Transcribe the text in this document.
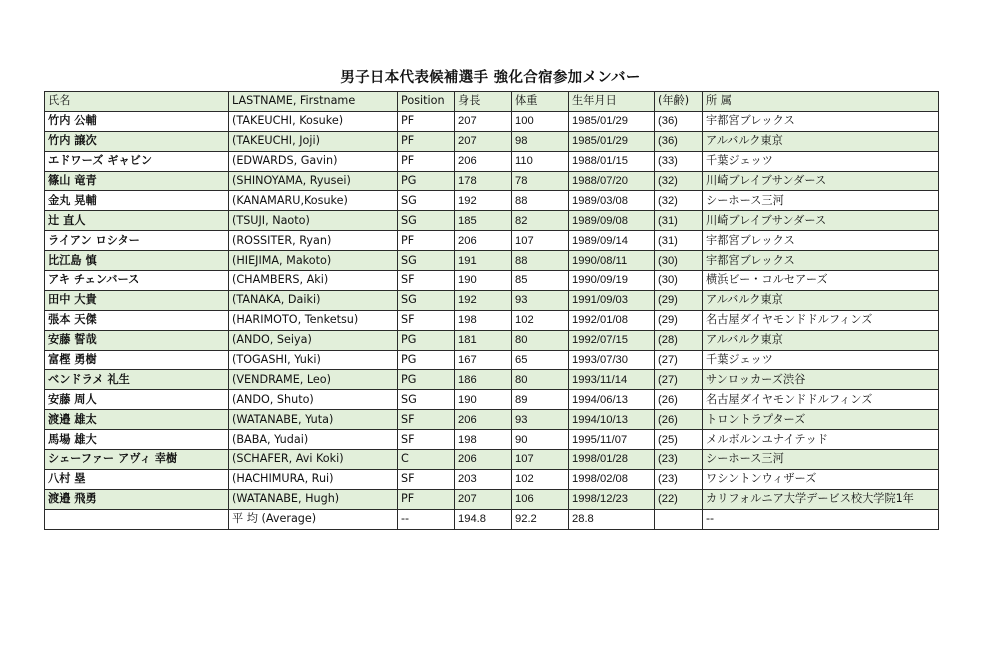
男子日本代表候補選手 強化合宿参加メンバー
氏名	LASTNAME, Firstname	Position	身長	体重	生年月日	(年齢)	所 属
竹内 公輔	(TAKEUCHI, Kosuke)	PF	207	100	1985/01/29	(36)	宇都宮ブレックス
竹内 譲次	(TAKEUCHI, Joji)	PF	207	98	1985/01/29	(36)	アルバルク東京
エドワーズ ギャビン	(EDWARDS, Gavin)	PF	206	110	1988/01/15	(33)	千葉ジェッツ
篠山 竜青	(SHINOYAMA, Ryusei)	PG	178	78	1988/07/20	(32)	川崎ブレイブサンダース
金丸 晃輔	(KANAMARU,Kosuke)	SG	192	88	1989/03/08	(32)	シーホース三河
辻 直人	(TSUJI, Naoto)	SG	185	82	1989/09/08	(31)	川崎ブレイブサンダース
ライアン ロシター	(ROSSITER, Ryan)	PF	206	107	1989/09/14	(31)	宇都宮ブレックス
比江島 慎	(HIEJIMA, Makoto)	SG	191	88	1990/08/11	(30)	宇都宮ブレックス
アキ チェンバース	(CHAMBERS, Aki)	SF	190	85	1990/09/19	(30)	横浜ビー・コルセアーズ
田中 大貴	(TANAKA, Daiki)	SG	192	93	1991/09/03	(29)	アルバルク東京
張本 天傑	(HARIMOTO, Tenketsu)	SF	198	102	1992/01/08	(29)	名古屋ダイヤモンドドルフィンズ
安藤 誓哉	(ANDO, Seiya)	PG	181	80	1992/07/15	(28)	アルバルク東京
富樫 勇樹	(TOGASHI, Yuki)	PG	167	65	1993/07/30	(27)	千葉ジェッツ
ベンドラメ 礼生	(VENDRAME, Leo)	PG	186	80	1993/11/14	(27)	サンロッカーズ渋谷
安藤 周人	(ANDO, Shuto)	SG	190	89	1994/06/13	(26)	名古屋ダイヤモンドドルフィンズ
渡邉 雄太	(WATANABE, Yuta)	SF	206	93	1994/10/13	(26)	トロントラプターズ
馬場 雄大	(BABA, Yudai)	SF	198	90	1995/11/07	(25)	メルボルンユナイテッド
シェーファー アヴィ 幸樹	(SCHAFER, Avi Koki)	C	206	107	1998/01/28	(23)	シーホース三河
八村 塁	(HACHIMURA, Rui)	SF	203	102	1998/02/08	(23)	ワシントンウィザーズ
渡邉 飛勇	(WATANABE, Hugh)	PF	207	106	1998/12/23	(22)	カリフォルニア大学デービス校大学院1年
	平 均 (Average)	--	194.8	92.2	28.8		--
